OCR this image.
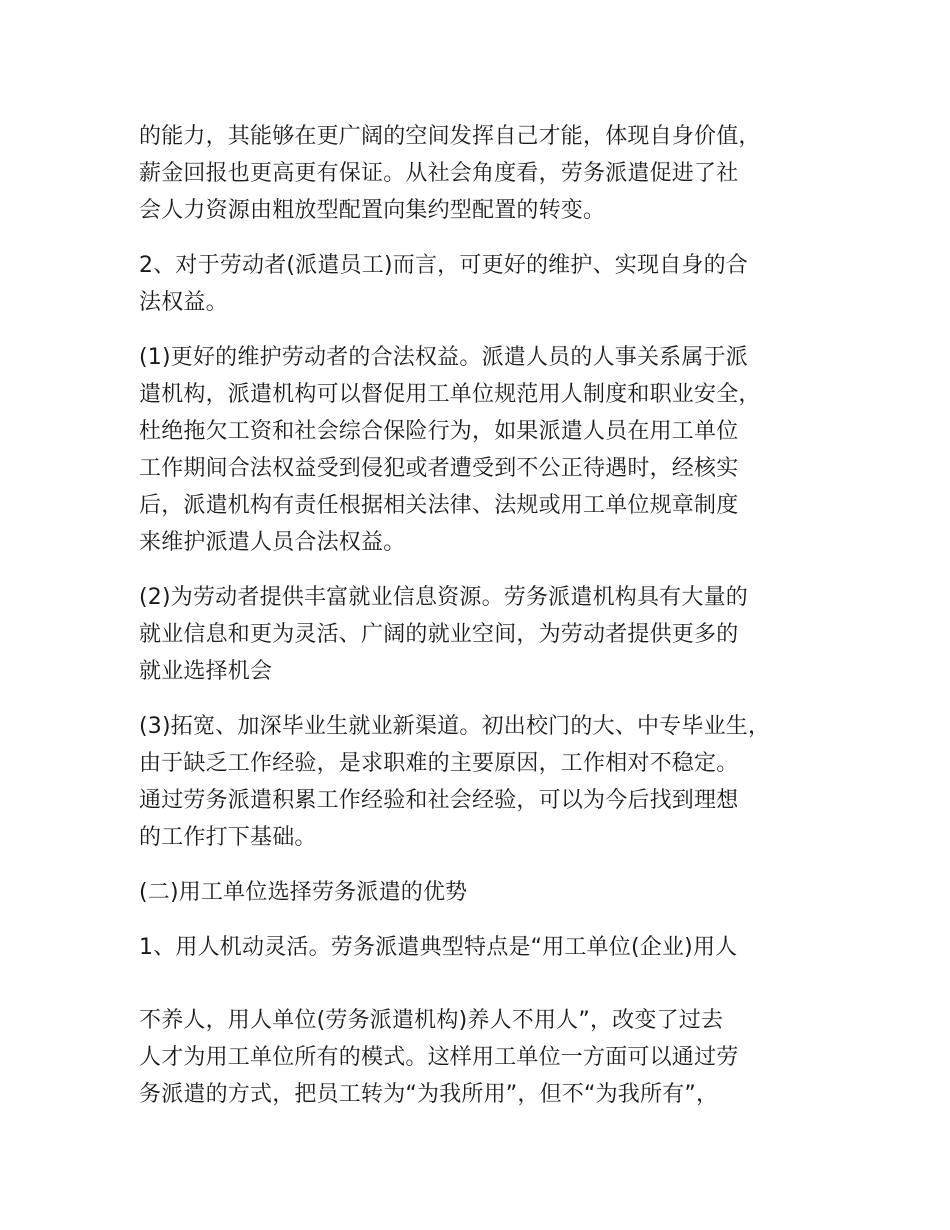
的能力，其能够在更广阔的空间发挥自己才能，体现自身价值，
薪金回报也更高更有保证。从社会角度看，劳务派遣促进了社
会人力资源由粗放型配置向集约型配置的转变。

2、对于劳动者(派遣员工)而言，可更好的维护、实现自身的合
法权益。

(1)更好的维护劳动者的合法权益。派遣人员的人事关系属于派
遣机构，派遣机构可以督促用工单位规范用人制度和职业安全，
杜绝拖欠工资和社会综合保险行为，如果派遣人员在用工单位
工作期间合法权益受到侵犯或者遭受到不公正待遇时，经核实
后，派遣机构有责任根据相关法律、法规或用工单位规章制度
来维护派遣人员合法权益。

(2)为劳动者提供丰富就业信息资源。劳务派遣机构具有大量的
就业信息和更为灵活、广阔的就业空间，为劳动者提供更多的
就业选择机会

(3)拓宽、加深毕业生就业新渠道。初出校门的大、中专毕业生，
由于缺乏工作经验，是求职难的主要原因，工作相对不稳定。
通过劳务派遣积累工作经验和社会经验，可以为今后找到理想
的工作打下基础。

(二)用工单位选择劳务派遣的优势

1、用人机动灵活。劳务派遣典型特点是“用工单位(企业)用人

不养人，用人单位(劳务派遣机构)养人不用人”，改变了过去
人才为用工单位所有的模式。这样用工单位一方面可以通过劳
务派遣的方式，把员工转为“为我所用”，但不“为我所有”，
